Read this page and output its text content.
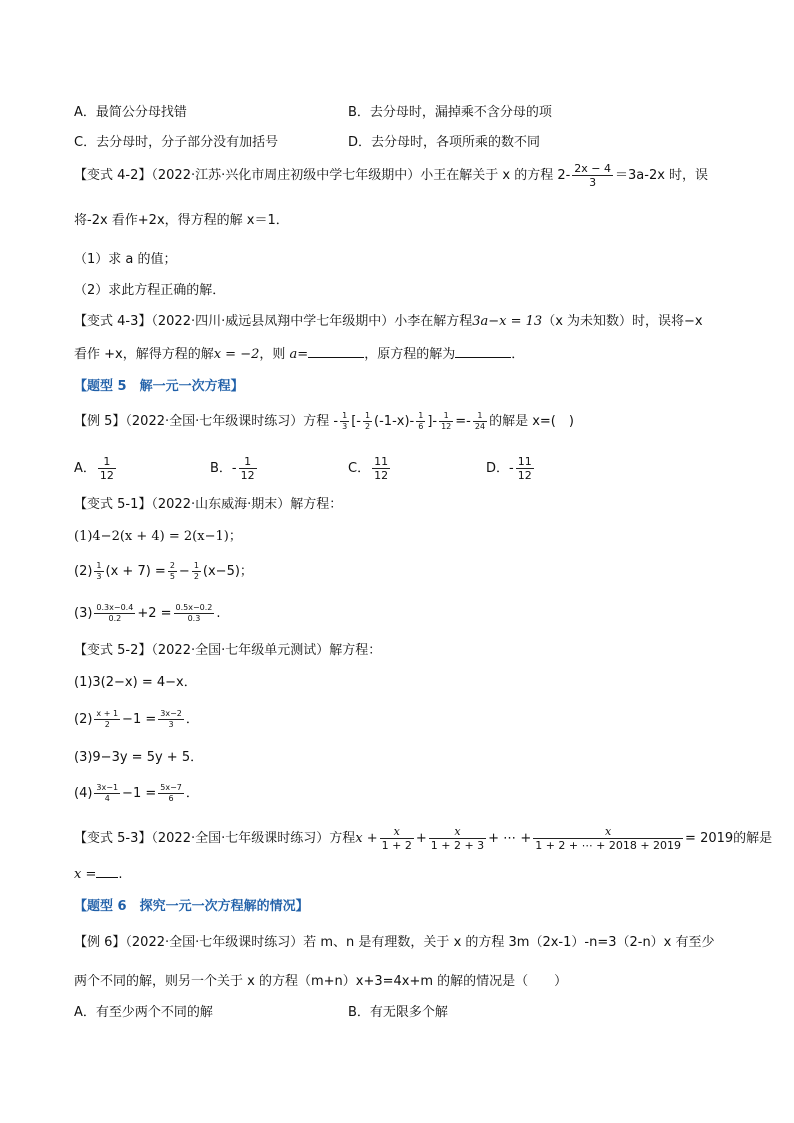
A．最简公分母找错	B．去分母时，漏掉乘不含分母的项
C．去分母时，分子部分没有加括号	D．去分母时，各项所乘的数不同
【变式 4-2】（2022·江苏·兴化市周庄初级中学七年级期中）小王在解关于 x 的方程 $2- \frac{2x - 4}{3} =3a-2x$ 时，误
将-2x 看作+2x，得方程的解 x＝1．
（1）求 a 的值；
（2）求此方程正确的解．
【变式 4-3】（2022·四川·威远县凤翔中学七年级期中）小李在解方程3a−x = 13（x 为未知数）时，误将−x
看作 +x，解得方程的解x = −2，则 a=	，原方程的解为	．
【题型 5　解一元一次方程】
【例 5】（2022·全国·七年级课时练习）方程 - $\frac{1}{3}$ [- $\frac{1}{2} (-1-x)- \frac{1}{6}$ ]- $\frac{1}{12} =- \frac{1}{24}$ 的解是 x=(　)
A． $\frac{1}{12}$	B．- $\frac{1}{12}$	C． $\frac{11}{12}$	D．- $\frac{11}{12}$
【变式 5-1】（2022·山东威海·期末）解方程：
(1)4−2(x + 4) = 2(x−1)；
$(2) \frac{1}{3} (x + 7) = \frac{2}{5} - \frac{1}{2} (x-5)$；
$(3) \frac{0.3x-0.4}{0.2} +2 = \frac{0.5x-0.2}{0.3}$ .
【变式 5-2】（2022·全国·七年级单元测试）解方程：
(1)3(2−x) = 4−x．
$(2) \frac{x + 1}{2} -1 = \frac{3x-2}{3}$ ．
(3)9−3y = 5y + 5．
$(4) \frac{3x-1}{4} -1 = \frac{5x-7}{6}$ ．
【变式 5-3】（2022·全国·七年级课时练习）方程$x + \frac{x}{1 + 2} + \frac{x}{1 + 2 + 3}$ + ⋯ + $\frac{x}{1 + 2 + \cdots + 2018 + 2019} = 2019$的解是
x = .
【题型 6　探究一元一次方程解的情况】
【例 6】（2022·全国·七年级课时练习）若 m、n 是有理数，关于 x 的方程 3m（2x-1）-n=3（2-n）x 有至少
两个不同的解，则另一个关于 x 的方程（m+n）x+3=4x+m 的解的情况是（　　）
A．有至少两个不同的解	B．有无限多个解
